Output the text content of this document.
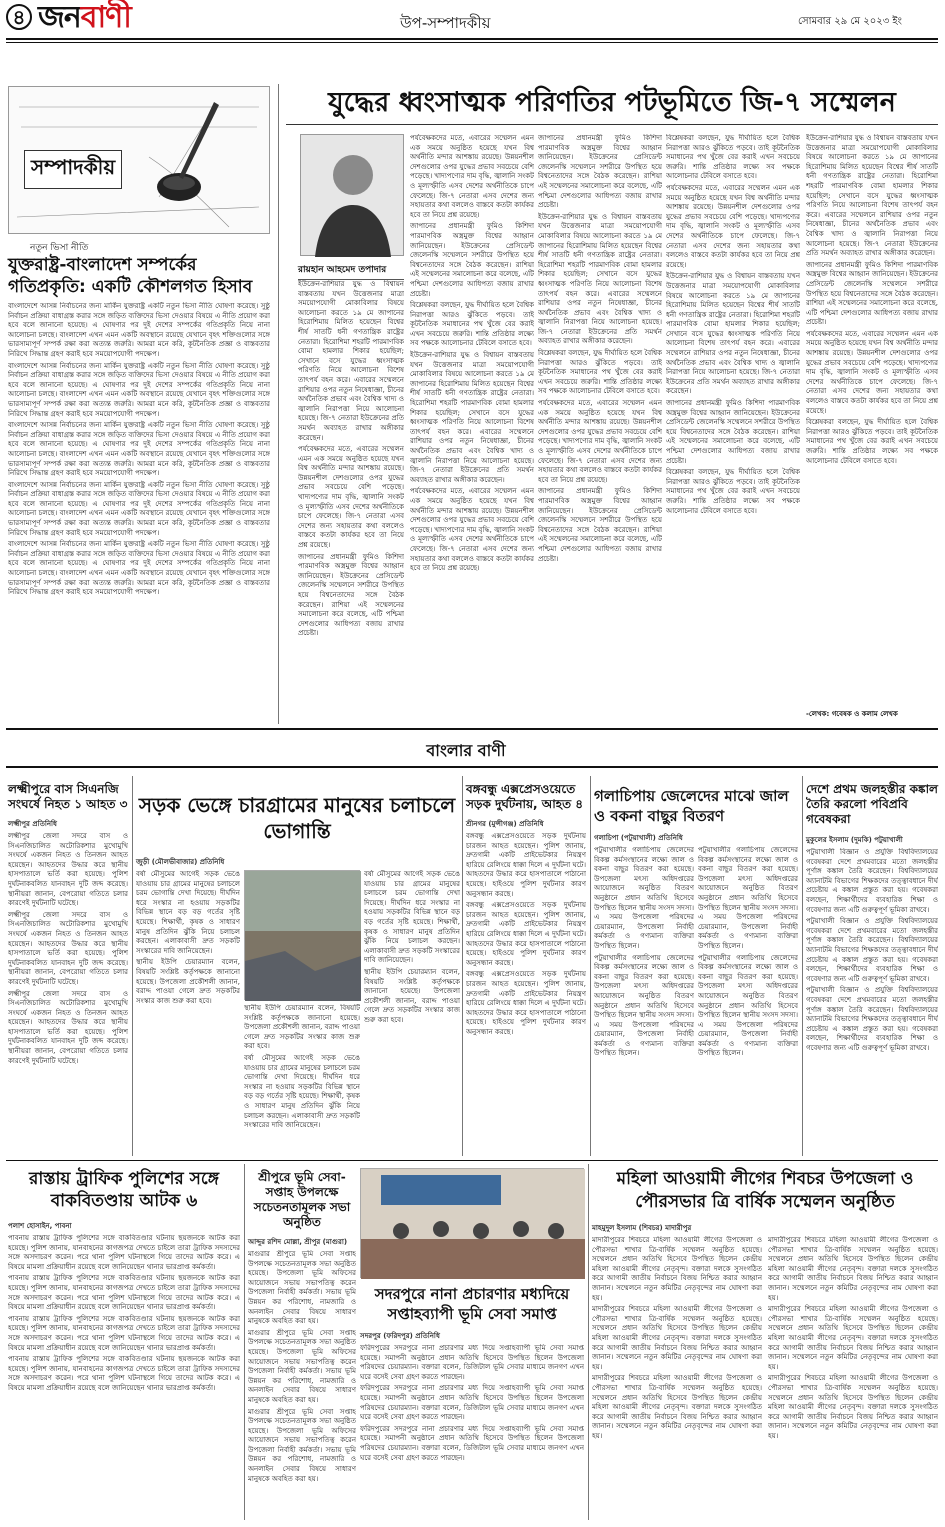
৪ জনবাণী	উপ-সম্পাদকীয়	সোমবার ২৯ মে ২০২৩ ইং
সম্পাদকীয়
নতুন ভিসা নীতি
যুক্তরাষ্ট্র-বাংলাদেশ সম্পর্কের গতিপ্রকৃতি: একটি কৌশলগত হিসাব

বাংলাদেশে আসন্ন নির্বাচনের জন্য মার্কিন যুক্তরাষ্ট্র একটি নতুন ভিসা নীতি ঘোষণা করেছে। সুষ্ঠু নির্বাচন প্রক্রিয়া বাধাগ্রস্ত করার সঙ্গে জড়িত ব্যক্তিদের ভিসা দেওয়ার বিষয়ে এ নীতি প্রয়োগ করা হবে বলে জানানো হয়েছে। এ ঘোষণার পর দুই দেশের সম্পর্কের গতিপ্রকৃতি নিয়ে নানা আলোচনা চলছে। বাংলাদেশ এখন এমন একটি অবস্থানে রয়েছে যেখানে বৃহৎ শক্তিগুলোর সঙ্গে ভারসাম্যপূর্ণ সম্পর্ক রক্ষা করা অত্যন্ত জরুরি। আমরা মনে করি, কূটনৈতিক প্রজ্ঞা ও বাস্তবতার নিরিখে সিদ্ধান্ত গ্রহণ করাই হবে সময়োপযোগী পদক্ষেপ।

বাংলাদেশে আসন্ন নির্বাচনের জন্য মার্কিন যুক্তরাষ্ট্র একটি নতুন ভিসা নীতি ঘোষণা করেছে। সুষ্ঠু নির্বাচন প্রক্রিয়া বাধাগ্রস্ত করার সঙ্গে জড়িত ব্যক্তিদের ভিসা দেওয়ার বিষয়ে এ নীতি প্রয়োগ করা হবে বলে জানানো হয়েছে। এ ঘোষণার পর দুই দেশের সম্পর্কের গতিপ্রকৃতি নিয়ে নানা আলোচনা চলছে। বাংলাদেশ এখন এমন একটি অবস্থানে রয়েছে যেখানে বৃহৎ শক্তিগুলোর সঙ্গে ভারসাম্যপূর্ণ সম্পর্ক রক্ষা করা অত্যন্ত জরুরি। আমরা মনে করি, কূটনৈতিক প্রজ্ঞা ও বাস্তবতার নিরিখে সিদ্ধান্ত গ্রহণ করাই হবে সময়োপযোগী পদক্ষেপ।

বাংলাদেশে আসন্ন নির্বাচনের জন্য মার্কিন যুক্তরাষ্ট্র একটি নতুন ভিসা নীতি ঘোষণা করেছে। সুষ্ঠু নির্বাচন প্রক্রিয়া বাধাগ্রস্ত করার সঙ্গে জড়িত ব্যক্তিদের ভিসা দেওয়ার বিষয়ে এ নীতি প্রয়োগ করা হবে বলে জানানো হয়েছে। এ ঘোষণার পর দুই দেশের সম্পর্কের গতিপ্রকৃতি নিয়ে নানা আলোচনা চলছে। বাংলাদেশ এখন এমন একটি অবস্থানে রয়েছে যেখানে বৃহৎ শক্তিগুলোর সঙ্গে ভারসাম্যপূর্ণ সম্পর্ক রক্ষা করা অত্যন্ত জরুরি। আমরা মনে করি, কূটনৈতিক প্রজ্ঞা ও বাস্তবতার নিরিখে সিদ্ধান্ত গ্রহণ করাই হবে সময়োপযোগী পদক্ষেপ।

বাংলাদেশে আসন্ন নির্বাচনের জন্য মার্কিন যুক্তরাষ্ট্র একটি নতুন ভিসা নীতি ঘোষণা করেছে। সুষ্ঠু নির্বাচন প্রক্রিয়া বাধাগ্রস্ত করার সঙ্গে জড়িত ব্যক্তিদের ভিসা দেওয়ার বিষয়ে এ নীতি প্রয়োগ করা হবে বলে জানানো হয়েছে। এ ঘোষণার পর দুই দেশের সম্পর্কের গতিপ্রকৃতি নিয়ে নানা আলোচনা চলছে। বাংলাদেশ এখন এমন একটি অবস্থানে রয়েছে যেখানে বৃহৎ শক্তিগুলোর সঙ্গে ভারসাম্যপূর্ণ সম্পর্ক রক্ষা করা অত্যন্ত জরুরি। আমরা মনে করি, কূটনৈতিক প্রজ্ঞা ও বাস্তবতার নিরিখে সিদ্ধান্ত গ্রহণ করাই হবে সময়োপযোগী পদক্ষেপ।

বাংলাদেশে আসন্ন নির্বাচনের জন্য মার্কিন যুক্তরাষ্ট্র একটি নতুন ভিসা নীতি ঘোষণা করেছে। সুষ্ঠু নির্বাচন প্রক্রিয়া বাধাগ্রস্ত করার সঙ্গে জড়িত ব্যক্তিদের ভিসা দেওয়ার বিষয়ে এ নীতি প্রয়োগ করা হবে বলে জানানো হয়েছে। এ ঘোষণার পর দুই দেশের সম্পর্কের গতিপ্রকৃতি নিয়ে নানা আলোচনা চলছে। বাংলাদেশ এখন এমন একটি অবস্থানে রয়েছে যেখানে বৃহৎ শক্তিগুলোর সঙ্গে ভারসাম্যপূর্ণ সম্পর্ক রক্ষা করা অত্যন্ত জরুরি। আমরা মনে করি, কূটনৈতিক প্রজ্ঞা ও বাস্তবতার নিরিখে সিদ্ধান্ত গ্রহণ করাই হবে সময়োপযোগী পদক্ষেপ।

যুদ্ধের ধ্বংসাত্মক পরিণতির পটভূমিতে জি-৭ সম্মেলন
রায়হান আহমেদ তপাদার

ইউক্রেন-রাশিয়ার যুদ্ধ ও বিশ্বায়ন বাস্তবতায় যখন উত্তেজনার মাত্রা সময়োপযোগী মোকাবিলার বিষয়ে আলোচনা করতে ১৯ মে জাপানের হিরোশিমায় মিলিত হয়েছেন বিশ্বের শীর্ষ সাতটি ধনী গণতান্ত্রিক রাষ্ট্রের নেতারা। হিরোশিমা শহরটি পারমাণবিক বোমা হামলার শিকার হয়েছিল; সেখানে বসে যুদ্ধের ধ্বংসাত্মক পরিণতি নিয়ে আলোচনা বিশেষ তাৎপর্য বহন করে। এবারের সম্মেলনে রাশিয়ার ওপর নতুন নিষেধাজ্ঞা, চীনের অর্থনৈতিক প্রভাব এবং বৈশ্বিক খাদ্য ও জ্বালানি নিরাপত্তা নিয়ে আলোচনা হয়েছে। জি-৭ নেতারা ইউক্রেনের প্রতি সমর্থন অব্যাহত রাখার অঙ্গীকার করেছেন।

পর্যবেক্ষকদের মতে, এবারের সম্মেলন এমন এক সময়ে অনুষ্ঠিত হয়েছে যখন বিশ্ব অর্থনীতি মন্দার আশঙ্কায় রয়েছে। উন্নয়নশীল দেশগুলোর ওপর যুদ্ধের প্রভাব সবচেয়ে বেশি পড়েছে। খাদ্যপণ্যের দাম বৃদ্ধি, জ্বালানি সংকট ও মূল্যস্ফীতি এসব দেশের অর্থনীতিকে চাপে ফেলেছে। জি-৭ নেতারা এসব দেশের জন্য সহায়তার কথা বললেও বাস্তবে কতটা কার্যকর হবে তা নিয়ে প্রশ্ন রয়েছে।

জাপানের প্রধানমন্ত্রী ফুমিও কিশিদা পারমাণবিক অস্ত্রমুক্ত বিশ্বের আহ্বান জানিয়েছেন। ইউক্রেনের প্রেসিডেন্ট জেলেনস্কি সম্মেলনে সশরীরে উপস্থিত হয়ে বিশ্বনেতাদের সঙ্গে বৈঠক করেছেন। রাশিয়া এই সম্মেলনের সমালোচনা করে বলেছে, এটি পশ্চিমা দেশগুলোর আধিপত্য বজায় রাখার প্রচেষ্টা।

পর্যবেক্ষকদের মতে, এবারের সম্মেলন এমন এক সময়ে অনুষ্ঠিত হয়েছে যখন বিশ্ব অর্থনীতি মন্দার আশঙ্কায় রয়েছে। উন্নয়নশীল দেশগুলোর ওপর যুদ্ধের প্রভাব সবচেয়ে বেশি পড়েছে। খাদ্যপণ্যের দাম বৃদ্ধি, জ্বালানি সংকট ও মূল্যস্ফীতি এসব দেশের অর্থনীতিকে চাপে ফেলেছে। জি-৭ নেতারা এসব দেশের জন্য সহায়তার কথা বললেও বাস্তবে কতটা কার্যকর হবে তা নিয়ে প্রশ্ন রয়েছে।

জাপানের প্রধানমন্ত্রী ফুমিও কিশিদা পারমাণবিক অস্ত্রমুক্ত বিশ্বের আহ্বান জানিয়েছেন। ইউক্রেনের প্রেসিডেন্ট জেলেনস্কি সম্মেলনে সশরীরে উপস্থিত হয়ে বিশ্বনেতাদের সঙ্গে বৈঠক করেছেন। রাশিয়া এই সম্মেলনের সমালোচনা করে বলেছে, এটি পশ্চিমা দেশগুলোর আধিপত্য বজায় রাখার প্রচেষ্টা।

বিশ্লেষকরা বলছেন, যুদ্ধ দীর্ঘায়িত হলে বৈশ্বিক নিরাপত্তা আরও ঝুঁকিতে পড়বে। তাই কূটনৈতিক সমাধানের পথ খুঁজে বের করাই এখন সবচেয়ে জরুরি। শান্তি প্রতিষ্ঠার লক্ষ্যে সব পক্ষকে আলোচনার টেবিলে বসাতে হবে।

ইউক্রেন-রাশিয়ার যুদ্ধ ও বিশ্বায়ন বাস্তবতায় যখন উত্তেজনার মাত্রা সময়োপযোগী মোকাবিলার বিষয়ে আলোচনা করতে ১৯ মে জাপানের হিরোশিমায় মিলিত হয়েছেন বিশ্বের শীর্ষ সাতটি ধনী গণতান্ত্রিক রাষ্ট্রের নেতারা। হিরোশিমা শহরটি পারমাণবিক বোমা হামলার শিকার হয়েছিল; সেখানে বসে যুদ্ধের ধ্বংসাত্মক পরিণতি নিয়ে আলোচনা বিশেষ তাৎপর্য বহন করে। এবারের সম্মেলনে রাশিয়ার ওপর নতুন নিষেধাজ্ঞা, চীনের অর্থনৈতিক প্রভাব এবং বৈশ্বিক খাদ্য ও জ্বালানি নিরাপত্তা নিয়ে আলোচনা হয়েছে। জি-৭ নেতারা ইউক্রেনের প্রতি সমর্থন অব্যাহত রাখার অঙ্গীকার করেছেন।

পর্যবেক্ষকদের মতে, এবারের সম্মেলন এমন এক সময়ে অনুষ্ঠিত হয়েছে যখন বিশ্ব অর্থনীতি মন্দার আশঙ্কায় রয়েছে। উন্নয়নশীল দেশগুলোর ওপর যুদ্ধের প্রভাব সবচেয়ে বেশি পড়েছে। খাদ্যপণ্যের দাম বৃদ্ধি, জ্বালানি সংকট ও মূল্যস্ফীতি এসব দেশের অর্থনীতিকে চাপে ফেলেছে। জি-৭ নেতারা এসব দেশের জন্য সহায়তার কথা বললেও বাস্তবে কতটা কার্যকর হবে তা নিয়ে প্রশ্ন রয়েছে।

জাপানের প্রধানমন্ত্রী ফুমিও কিশিদা পারমাণবিক অস্ত্রমুক্ত বিশ্বের আহ্বান জানিয়েছেন। ইউক্রেনের প্রেসিডেন্ট জেলেনস্কি সম্মেলনে সশরীরে উপস্থিত হয়ে বিশ্বনেতাদের সঙ্গে বৈঠক করেছেন। রাশিয়া এই সম্মেলনের সমালোচনা করে বলেছে, এটি পশ্চিমা দেশগুলোর আধিপত্য বজায় রাখার প্রচেষ্টা।

ইউক্রেন-রাশিয়ার যুদ্ধ ও বিশ্বায়ন বাস্তবতায় যখন উত্তেজনার মাত্রা সময়োপযোগী মোকাবিলার বিষয়ে আলোচনা করতে ১৯ মে জাপানের হিরোশিমায় মিলিত হয়েছেন বিশ্বের শীর্ষ সাতটি ধনী গণতান্ত্রিক রাষ্ট্রের নেতারা। হিরোশিমা শহরটি পারমাণবিক বোমা হামলার শিকার হয়েছিল; সেখানে বসে যুদ্ধের ধ্বংসাত্মক পরিণতি নিয়ে আলোচনা বিশেষ তাৎপর্য বহন করে। এবারের সম্মেলনে রাশিয়ার ওপর নতুন নিষেধাজ্ঞা, চীনের অর্থনৈতিক প্রভাব এবং বৈশ্বিক খাদ্য ও জ্বালানি নিরাপত্তা নিয়ে আলোচনা হয়েছে। জি-৭ নেতারা ইউক্রেনের প্রতি সমর্থন অব্যাহত রাখার অঙ্গীকার করেছেন।

বিশ্লেষকরা বলছেন, যুদ্ধ দীর্ঘায়িত হলে বৈশ্বিক নিরাপত্তা আরও ঝুঁকিতে পড়বে। তাই কূটনৈতিক সমাধানের পথ খুঁজে বের করাই এখন সবচেয়ে জরুরি। শান্তি প্রতিষ্ঠার লক্ষ্যে সব পক্ষকে আলোচনার টেবিলে বসাতে হবে।

পর্যবেক্ষকদের মতে, এবারের সম্মেলন এমন এক সময়ে অনুষ্ঠিত হয়েছে যখন বিশ্ব অর্থনীতি মন্দার আশঙ্কায় রয়েছে। উন্নয়নশীল দেশগুলোর ওপর যুদ্ধের প্রভাব সবচেয়ে বেশি পড়েছে। খাদ্যপণ্যের দাম বৃদ্ধি, জ্বালানি সংকট ও মূল্যস্ফীতি এসব দেশের অর্থনীতিকে চাপে ফেলেছে। জি-৭ নেতারা এসব দেশের জন্য সহায়তার কথা বললেও বাস্তবে কতটা কার্যকর হবে তা নিয়ে প্রশ্ন রয়েছে।

জাপানের প্রধানমন্ত্রী ফুমিও কিশিদা পারমাণবিক অস্ত্রমুক্ত বিশ্বের আহ্বান জানিয়েছেন। ইউক্রেনের প্রেসিডেন্ট জেলেনস্কি সম্মেলনে সশরীরে উপস্থিত হয়ে বিশ্বনেতাদের সঙ্গে বৈঠক করেছেন। রাশিয়া এই সম্মেলনের সমালোচনা করে বলেছে, এটি পশ্চিমা দেশগুলোর আধিপত্য বজায় রাখার প্রচেষ্টা।

বিশ্লেষকরা বলছেন, যুদ্ধ দীর্ঘায়িত হলে বৈশ্বিক নিরাপত্তা আরও ঝুঁকিতে পড়বে। তাই কূটনৈতিক সমাধানের পথ খুঁজে বের করাই এখন সবচেয়ে জরুরি। শান্তি প্রতিষ্ঠার লক্ষ্যে সব পক্ষকে আলোচনার টেবিলে বসাতে হবে।

পর্যবেক্ষকদের মতে, এবারের সম্মেলন এমন এক সময়ে অনুষ্ঠিত হয়েছে যখন বিশ্ব অর্থনীতি মন্দার আশঙ্কায় রয়েছে। উন্নয়নশীল দেশগুলোর ওপর যুদ্ধের প্রভাব সবচেয়ে বেশি পড়েছে। খাদ্যপণ্যের দাম বৃদ্ধি, জ্বালানি সংকট ও মূল্যস্ফীতি এসব দেশের অর্থনীতিকে চাপে ফেলেছে। জি-৭ নেতারা এসব দেশের জন্য সহায়তার কথা বললেও বাস্তবে কতটা কার্যকর হবে তা নিয়ে প্রশ্ন রয়েছে।

ইউক্রেন-রাশিয়ার যুদ্ধ ও বিশ্বায়ন বাস্তবতায় যখন উত্তেজনার মাত্রা সময়োপযোগী মোকাবিলার বিষয়ে আলোচনা করতে ১৯ মে জাপানের হিরোশিমায় মিলিত হয়েছেন বিশ্বের শীর্ষ সাতটি ধনী গণতান্ত্রিক রাষ্ট্রের নেতারা। হিরোশিমা শহরটি পারমাণবিক বোমা হামলার শিকার হয়েছিল; সেখানে বসে যুদ্ধের ধ্বংসাত্মক পরিণতি নিয়ে আলোচনা বিশেষ তাৎপর্য বহন করে। এবারের সম্মেলনে রাশিয়ার ওপর নতুন নিষেধাজ্ঞা, চীনের অর্থনৈতিক প্রভাব এবং বৈশ্বিক খাদ্য ও জ্বালানি নিরাপত্তা নিয়ে আলোচনা হয়েছে। জি-৭ নেতারা ইউক্রেনের প্রতি সমর্থন অব্যাহত রাখার অঙ্গীকার করেছেন।

জাপানের প্রধানমন্ত্রী ফুমিও কিশিদা পারমাণবিক অস্ত্রমুক্ত বিশ্বের আহ্বান জানিয়েছেন। ইউক্রেনের প্রেসিডেন্ট জেলেনস্কি সম্মেলনে সশরীরে উপস্থিত হয়ে বিশ্বনেতাদের সঙ্গে বৈঠক করেছেন। রাশিয়া এই সম্মেলনের সমালোচনা করে বলেছে, এটি পশ্চিমা দেশগুলোর আধিপত্য বজায় রাখার প্রচেষ্টা।

বিশ্লেষকরা বলছেন, যুদ্ধ দীর্ঘায়িত হলে বৈশ্বিক নিরাপত্তা আরও ঝুঁকিতে পড়বে। তাই কূটনৈতিক সমাধানের পথ খুঁজে বের করাই এখন সবচেয়ে জরুরি। শান্তি প্রতিষ্ঠার লক্ষ্যে সব পক্ষকে আলোচনার টেবিলে বসাতে হবে।

ইউক্রেন-রাশিয়ার যুদ্ধ ও বিশ্বায়ন বাস্তবতায় যখন উত্তেজনার মাত্রা সময়োপযোগী মোকাবিলার বিষয়ে আলোচনা করতে ১৯ মে জাপানের হিরোশিমায় মিলিত হয়েছেন বিশ্বের শীর্ষ সাতটি ধনী গণতান্ত্রিক রাষ্ট্রের নেতারা। হিরোশিমা শহরটি পারমাণবিক বোমা হামলার শিকার হয়েছিল; সেখানে বসে যুদ্ধের ধ্বংসাত্মক পরিণতি নিয়ে আলোচনা বিশেষ তাৎপর্য বহন করে। এবারের সম্মেলনে রাশিয়ার ওপর নতুন নিষেধাজ্ঞা, চীনের অর্থনৈতিক প্রভাব এবং বৈশ্বিক খাদ্য ও জ্বালানি নিরাপত্তা নিয়ে আলোচনা হয়েছে। জি-৭ নেতারা ইউক্রেনের প্রতি সমর্থন অব্যাহত রাখার অঙ্গীকার করেছেন।

জাপানের প্রধানমন্ত্রী ফুমিও কিশিদা পারমাণবিক অস্ত্রমুক্ত বিশ্বের আহ্বান জানিয়েছেন। ইউক্রেনের প্রেসিডেন্ট জেলেনস্কি সম্মেলনে সশরীরে উপস্থিত হয়ে বিশ্বনেতাদের সঙ্গে বৈঠক করেছেন। রাশিয়া এই সম্মেলনের সমালোচনা করে বলেছে, এটি পশ্চিমা দেশগুলোর আধিপত্য বজায় রাখার প্রচেষ্টা।

পর্যবেক্ষকদের মতে, এবারের সম্মেলন এমন এক সময়ে অনুষ্ঠিত হয়েছে যখন বিশ্ব অর্থনীতি মন্দার আশঙ্কায় রয়েছে। উন্নয়নশীল দেশগুলোর ওপর যুদ্ধের প্রভাব সবচেয়ে বেশি পড়েছে। খাদ্যপণ্যের দাম বৃদ্ধি, জ্বালানি সংকট ও মূল্যস্ফীতি এসব দেশের অর্থনীতিকে চাপে ফেলেছে। জি-৭ নেতারা এসব দেশের জন্য সহায়তার কথা বললেও বাস্তবে কতটা কার্যকর হবে তা নিয়ে প্রশ্ন রয়েছে।

বিশ্লেষকরা বলছেন, যুদ্ধ দীর্ঘায়িত হলে বৈশ্বিক নিরাপত্তা আরও ঝুঁকিতে পড়বে। তাই কূটনৈতিক সমাধানের পথ খুঁজে বের করাই এখন সবচেয়ে জরুরি। শান্তি প্রতিষ্ঠার লক্ষ্যে সব পক্ষকে আলোচনার টেবিলে বসাতে হবে।

-লেখক: গবেষক ও কলাম লেখক
বাংলার বাণী
লক্ষ্মীপুরে বাস সিএনজি সংঘর্ষে নিহত ১ আহত ৩
লক্ষ্মীপুর প্রতিনিধি

লক্ষ্মীপুর জেলা সদরে বাস ও সিএনজিচালিত অটোরিকশার মুখোমুখি সংঘর্ষে একজন নিহত ও তিনজন আহত হয়েছেন। আহতদের উদ্ধার করে স্থানীয় হাসপাতালে ভর্তি করা হয়েছে। পুলিশ দুর্ঘটনাকবলিত যানবাহন দুটি জব্দ করেছে। স্থানীয়রা জানান, বেপরোয়া গতিতে চলার কারণেই দুর্ঘটনাটি ঘটেছে।

লক্ষ্মীপুর জেলা সদরে বাস ও সিএনজিচালিত অটোরিকশার মুখোমুখি সংঘর্ষে একজন নিহত ও তিনজন আহত হয়েছেন। আহতদের উদ্ধার করে স্থানীয় হাসপাতালে ভর্তি করা হয়েছে। পুলিশ দুর্ঘটনাকবলিত যানবাহন দুটি জব্দ করেছে। স্থানীয়রা জানান, বেপরোয়া গতিতে চলার কারণেই দুর্ঘটনাটি ঘটেছে।

লক্ষ্মীপুর জেলা সদরে বাস ও সিএনজিচালিত অটোরিকশার মুখোমুখি সংঘর্ষে একজন নিহত ও তিনজন আহত হয়েছেন। আহতদের উদ্ধার করে স্থানীয় হাসপাতালে ভর্তি করা হয়েছে। পুলিশ দুর্ঘটনাকবলিত যানবাহন দুটি জব্দ করেছে। স্থানীয়রা জানান, বেপরোয়া গতিতে চলার কারণেই দুর্ঘটনাটি ঘটেছে।

সড়ক ভেঙ্গে চারগ্রামের মানুষের চলাচলে ভোগান্তি
জুড়ী (মৌলভীবাজার) প্রতিনিধি

বর্ষা মৌসুমের আগেই সড়ক ভেঙে যাওয়ায় চার গ্রামের মানুষের চলাচলে চরম ভোগান্তি দেখা দিয়েছে। দীর্ঘদিন ধরে সংস্কার না হওয়ায় সড়কটির বিভিন্ন স্থানে বড় বড় গর্তের সৃষ্টি হয়েছে। শিক্ষার্থী, কৃষক ও সাধারণ মানুষ প্রতিদিন ঝুঁকি নিয়ে চলাচল করছেন। এলাকাবাসী দ্রুত সড়কটি সংস্কারের দাবি জানিয়েছেন।

স্থানীয় ইউপি চেয়ারম্যান বলেন, বিষয়টি সংশ্লিষ্ট কর্তৃপক্ষকে জানানো হয়েছে। উপজেলা প্রকৌশলী জানান, বরাদ্দ পাওয়া গেলে দ্রুত সড়কটির সংস্কার কাজ শুরু করা হবে।

স্থানীয় ইউপি চেয়ারম্যান বলেন, বিষয়টি সংশ্লিষ্ট কর্তৃপক্ষকে জানানো হয়েছে। উপজেলা প্রকৌশলী জানান, বরাদ্দ পাওয়া গেলে দ্রুত সড়কটির সংস্কার কাজ শুরু করা হবে।

বর্ষা মৌসুমের আগেই সড়ক ভেঙে যাওয়ায় চার গ্রামের মানুষের চলাচলে চরম ভোগান্তি দেখা দিয়েছে। দীর্ঘদিন ধরে সংস্কার না হওয়ায় সড়কটির বিভিন্ন স্থানে বড় বড় গর্তের সৃষ্টি হয়েছে। শিক্ষার্থী, কৃষক ও সাধারণ মানুষ প্রতিদিন ঝুঁকি নিয়ে চলাচল করছেন। এলাকাবাসী দ্রুত সড়কটি সংস্কারের দাবি জানিয়েছেন।

বর্ষা মৌসুমের আগেই সড়ক ভেঙে যাওয়ায় চার গ্রামের মানুষের চলাচলে চরম ভোগান্তি দেখা দিয়েছে। দীর্ঘদিন ধরে সংস্কার না হওয়ায় সড়কটির বিভিন্ন স্থানে বড় বড় গর্তের সৃষ্টি হয়েছে। শিক্ষার্থী, কৃষক ও সাধারণ মানুষ প্রতিদিন ঝুঁকি নিয়ে চলাচল করছেন। এলাকাবাসী দ্রুত সড়কটি সংস্কারের দাবি জানিয়েছেন।

স্থানীয় ইউপি চেয়ারম্যান বলেন, বিষয়টি সংশ্লিষ্ট কর্তৃপক্ষকে জানানো হয়েছে। উপজেলা প্রকৌশলী জানান, বরাদ্দ পাওয়া গেলে দ্রুত সড়কটির সংস্কার কাজ শুরু করা হবে।

বঙ্গবন্ধু এক্সপ্রেসওয়েতে সড়ক দুর্ঘটনায়, আহত ৪
শ্রীনগর (মুন্সীগঞ্জ) প্রতিনিধি

বঙ্গবন্ধু এক্সপ্রেসওয়েতে সড়ক দুর্ঘটনায় চারজন আহত হয়েছেন। পুলিশ জানায়, দ্রুতগামী একটি প্রাইভেটকার নিয়ন্ত্রণ হারিয়ে রেলিংয়ে ধাক্কা দিলে এ দুর্ঘটনা ঘটে। আহতদের উদ্ধার করে হাসপাতালে পাঠানো হয়েছে। হাইওয়ে পুলিশ দুর্ঘটনার কারণ অনুসন্ধান করছে।

বঙ্গবন্ধু এক্সপ্রেসওয়েতে সড়ক দুর্ঘটনায় চারজন আহত হয়েছেন। পুলিশ জানায়, দ্রুতগামী একটি প্রাইভেটকার নিয়ন্ত্রণ হারিয়ে রেলিংয়ে ধাক্কা দিলে এ দুর্ঘটনা ঘটে। আহতদের উদ্ধার করে হাসপাতালে পাঠানো হয়েছে। হাইওয়ে পুলিশ দুর্ঘটনার কারণ অনুসন্ধান করছে।

বঙ্গবন্ধু এক্সপ্রেসওয়েতে সড়ক দুর্ঘটনায় চারজন আহত হয়েছেন। পুলিশ জানায়, দ্রুতগামী একটি প্রাইভেটকার নিয়ন্ত্রণ হারিয়ে রেলিংয়ে ধাক্কা দিলে এ দুর্ঘটনা ঘটে। আহতদের উদ্ধার করে হাসপাতালে পাঠানো হয়েছে। হাইওয়ে পুলিশ দুর্ঘটনার কারণ অনুসন্ধান করছে।

গলাচিপায় জেলেদের মাঝে জাল ও বকনা বাছুর বিতরণ
গলাচিপা (পটুয়াখালী) প্রতিনিধি

পটুয়াখালীর গলাচিপায় জেলেদের বিকল্প কর্মসংস্থানের লক্ষ্যে জাল ও বকনা বাছুর বিতরণ করা হয়েছে। উপজেলা মৎস্য অধিদপ্তরের আয়োজনে অনুষ্ঠিত বিতরণ অনুষ্ঠানে প্রধান অতিথি হিসেবে উপস্থিত ছিলেন স্থানীয় সংসদ সদস্য। এ সময় উপজেলা পরিষদের চেয়ারম্যান, উপজেলা নির্বাহী কর্মকর্তা ও গণ্যমান্য ব্যক্তিরা উপস্থিত ছিলেন।

পটুয়াখালীর গলাচিপায় জেলেদের বিকল্প কর্মসংস্থানের লক্ষ্যে জাল ও বকনা বাছুর বিতরণ করা হয়েছে। উপজেলা মৎস্য অধিদপ্তরের আয়োজনে অনুষ্ঠিত বিতরণ অনুষ্ঠানে প্রধান অতিথি হিসেবে উপস্থিত ছিলেন স্থানীয় সংসদ সদস্য। এ সময় উপজেলা পরিষদের চেয়ারম্যান, উপজেলা নির্বাহী কর্মকর্তা ও গণ্যমান্য ব্যক্তিরা উপস্থিত ছিলেন।

পটুয়াখালীর গলাচিপায় জেলেদের বিকল্প কর্মসংস্থানের লক্ষ্যে জাল ও বকনা বাছুর বিতরণ করা হয়েছে। উপজেলা মৎস্য অধিদপ্তরের আয়োজনে অনুষ্ঠিত বিতরণ অনুষ্ঠানে প্রধান অতিথি হিসেবে উপস্থিত ছিলেন স্থানীয় সংসদ সদস্য। এ সময় উপজেলা পরিষদের চেয়ারম্যান, উপজেলা নির্বাহী কর্মকর্তা ও গণ্যমান্য ব্যক্তিরা উপস্থিত ছিলেন।

পটুয়াখালীর গলাচিপায় জেলেদের বিকল্প কর্মসংস্থানের লক্ষ্যে জাল ও বকনা বাছুর বিতরণ করা হয়েছে। উপজেলা মৎস্য অধিদপ্তরের আয়োজনে অনুষ্ঠিত বিতরণ অনুষ্ঠানে প্রধান অতিথি হিসেবে উপস্থিত ছিলেন স্থানীয় সংসদ সদস্য। এ সময় উপজেলা পরিষদের চেয়ারম্যান, উপজেলা নির্বাহী কর্মকর্তা ও গণ্যমান্য ব্যক্তিরা উপস্থিত ছিলেন।

দেশে প্রথম জলহস্তীর কঙ্কাল তৈরি করলো পবিপ্রবি গবেষকরা
মুকুলের ইসলাম (দুমকি) পটুয়াখালী

পটুয়াখালী বিজ্ঞান ও প্রযুক্তি বিশ্ববিদ্যালয়ের গবেষকরা দেশে প্রথমবারের মতো জলহস্তীর পূর্ণাঙ্গ কঙ্কাল তৈরি করেছেন। বিশ্ববিদ্যালয়ের অ্যানাটমি বিভাগের শিক্ষকদের তত্ত্বাবধানে দীর্ঘ প্রচেষ্টায় এ কঙ্কাল প্রস্তুত করা হয়। গবেষকরা বলছেন, শিক্ষার্থীদের ব্যবহারিক শিক্ষা ও গবেষণার জন্য এটি গুরুত্বপূর্ণ ভূমিকা রাখবে।

পটুয়াখালী বিজ্ঞান ও প্রযুক্তি বিশ্ববিদ্যালয়ের গবেষকরা দেশে প্রথমবারের মতো জলহস্তীর পূর্ণাঙ্গ কঙ্কাল তৈরি করেছেন। বিশ্ববিদ্যালয়ের অ্যানাটমি বিভাগের শিক্ষকদের তত্ত্বাবধানে দীর্ঘ প্রচেষ্টায় এ কঙ্কাল প্রস্তুত করা হয়। গবেষকরা বলছেন, শিক্ষার্থীদের ব্যবহারিক শিক্ষা ও গবেষণার জন্য এটি গুরুত্বপূর্ণ ভূমিকা রাখবে।

পটুয়াখালী বিজ্ঞান ও প্রযুক্তি বিশ্ববিদ্যালয়ের গবেষকরা দেশে প্রথমবারের মতো জলহস্তীর পূর্ণাঙ্গ কঙ্কাল তৈরি করেছেন। বিশ্ববিদ্যালয়ের অ্যানাটমি বিভাগের শিক্ষকদের তত্ত্বাবধানে দীর্ঘ প্রচেষ্টায় এ কঙ্কাল প্রস্তুত করা হয়। গবেষকরা বলছেন, শিক্ষার্থীদের ব্যবহারিক শিক্ষা ও গবেষণার জন্য এটি গুরুত্বপূর্ণ ভূমিকা রাখবে।

রাস্তায় ট্রাফিক পুলিশের সঙ্গে বাকবিতণ্ডায় আটক ৬
পলাশ হোসাইন, পাবনা

পাবনায় রাস্তায় ট্রাফিক পুলিশের সঙ্গে বাকবিতণ্ডার ঘটনায় ছয়জনকে আটক করা হয়েছে। পুলিশ জানায়, যানবাহনের কাগজপত্র দেখতে চাইলে তারা ট্রাফিক সদস্যদের সঙ্গে অসদাচরণ করেন। পরে থানা পুলিশ ঘটনাস্থলে গিয়ে তাদের আটক করে। এ বিষয়ে মামলা প্রক্রিয়াধীন রয়েছে বলে জানিয়েছেন থানার ভারপ্রাপ্ত কর্মকর্তা।

পাবনায় রাস্তায় ট্রাফিক পুলিশের সঙ্গে বাকবিতণ্ডার ঘটনায় ছয়জনকে আটক করা হয়েছে। পুলিশ জানায়, যানবাহনের কাগজপত্র দেখতে চাইলে তারা ট্রাফিক সদস্যদের সঙ্গে অসদাচরণ করেন। পরে থানা পুলিশ ঘটনাস্থলে গিয়ে তাদের আটক করে। এ বিষয়ে মামলা প্রক্রিয়াধীন রয়েছে বলে জানিয়েছেন থানার ভারপ্রাপ্ত কর্মকর্তা।

পাবনায় রাস্তায় ট্রাফিক পুলিশের সঙ্গে বাকবিতণ্ডার ঘটনায় ছয়জনকে আটক করা হয়েছে। পুলিশ জানায়, যানবাহনের কাগজপত্র দেখতে চাইলে তারা ট্রাফিক সদস্যদের সঙ্গে অসদাচরণ করেন। পরে থানা পুলিশ ঘটনাস্থলে গিয়ে তাদের আটক করে। এ বিষয়ে মামলা প্রক্রিয়াধীন রয়েছে বলে জানিয়েছেন থানার ভারপ্রাপ্ত কর্মকর্তা।

পাবনায় রাস্তায় ট্রাফিক পুলিশের সঙ্গে বাকবিতণ্ডার ঘটনায় ছয়জনকে আটক করা হয়েছে। পুলিশ জানায়, যানবাহনের কাগজপত্র দেখতে চাইলে তারা ট্রাফিক সদস্যদের সঙ্গে অসদাচরণ করেন। পরে থানা পুলিশ ঘটনাস্থলে গিয়ে তাদের আটক করে। এ বিষয়ে মামলা প্রক্রিয়াধীন রয়েছে বলে জানিয়েছেন থানার ভারপ্রাপ্ত কর্মকর্তা।

শ্রীপুরে ভূমি সেবা-সপ্তাহ উপলক্ষে সচেতনতামূলক সভা অনুষ্ঠিত
আব্দুর রশিদ মোল্লা, শ্রীপুর (মাগুরা)

মাগুরার শ্রীপুরে ভূমি সেবা সপ্তাহ উপলক্ষে সচেতনতামূলক সভা অনুষ্ঠিত হয়েছে। উপজেলা ভূমি অফিসের আয়োজনে সভায় সভাপতিত্ব করেন উপজেলা নির্বাহী কর্মকর্তা। সভায় ভূমি উন্নয়ন কর পরিশোধ, নামজারি ও অনলাইন সেবার বিষয়ে সাধারণ মানুষকে অবহিত করা হয়।

মাগুরার শ্রীপুরে ভূমি সেবা সপ্তাহ উপলক্ষে সচেতনতামূলক সভা অনুষ্ঠিত হয়েছে। উপজেলা ভূমি অফিসের আয়োজনে সভায় সভাপতিত্ব করেন উপজেলা নির্বাহী কর্মকর্তা। সভায় ভূমি উন্নয়ন কর পরিশোধ, নামজারি ও অনলাইন সেবার বিষয়ে সাধারণ মানুষকে অবহিত করা হয়।

মাগুরার শ্রীপুরে ভূমি সেবা সপ্তাহ উপলক্ষে সচেতনতামূলক সভা অনুষ্ঠিত হয়েছে। উপজেলা ভূমি অফিসের আয়োজনে সভায় সভাপতিত্ব করেন উপজেলা নির্বাহী কর্মকর্তা। সভায় ভূমি উন্নয়ন কর পরিশোধ, নামজারি ও অনলাইন সেবার বিষয়ে সাধারণ মানুষকে অবহিত করা হয়।

সদরপুরে নানা প্রচারণার মধ্যদিয়ে সপ্তাহব্যাপী ভূমি সেবা সমাপ্ত
সদরপুর (ফরিদপুর) প্রতিনিধি

ফরিদপুরের সদরপুরে নানা প্রচারণার মধ্য দিয়ে সপ্তাহব্যাপী ভূমি সেবা সমাপ্ত হয়েছে। সমাপনী অনুষ্ঠানে প্রধান অতিথি হিসেবে উপস্থিত ছিলেন উপজেলা পরিষদের চেয়ারম্যান। বক্তারা বলেন, ডিজিটাল ভূমি সেবার মাধ্যমে জনগণ এখন ঘরে বসেই সেবা গ্রহণ করতে পারছেন।

ফরিদপুরের সদরপুরে নানা প্রচারণার মধ্য দিয়ে সপ্তাহব্যাপী ভূমি সেবা সমাপ্ত হয়েছে। সমাপনী অনুষ্ঠানে প্রধান অতিথি হিসেবে উপস্থিত ছিলেন উপজেলা পরিষদের চেয়ারম্যান। বক্তারা বলেন, ডিজিটাল ভূমি সেবার মাধ্যমে জনগণ এখন ঘরে বসেই সেবা গ্রহণ করতে পারছেন।

ফরিদপুরের সদরপুরে নানা প্রচারণার মধ্য দিয়ে সপ্তাহব্যাপী ভূমি সেবা সমাপ্ত হয়েছে। সমাপনী অনুষ্ঠানে প্রধান অতিথি হিসেবে উপস্থিত ছিলেন উপজেলা পরিষদের চেয়ারম্যান। বক্তারা বলেন, ডিজিটাল ভূমি সেবার মাধ্যমে জনগণ এখন ঘরে বসেই সেবা গ্রহণ করতে পারছেন।

মহিলা আওয়ামী লীগের শিবচর উপজেলা ও পৌরসভার ত্রি বার্ষিক সম্মেলন অনুষ্ঠিত
মাহমুদুল ইসলাম (শিবচর) মাদারীপুর

মাদারীপুরের শিবচরে মহিলা আওয়ামী লীগের উপজেলা ও পৌরসভা শাখার ত্রি-বার্ষিক সম্মেলন অনুষ্ঠিত হয়েছে। সম্মেলনে প্রধান অতিথি হিসেবে উপস্থিত ছিলেন কেন্দ্রীয় মহিলা আওয়ামী লীগের নেতৃবৃন্দ। বক্তারা দলকে সুসংগঠিত করে আগামী জাতীয় নির্বাচনে বিজয় নিশ্চিত করার আহ্বান জানান। সম্মেলনে নতুন কমিটির নেতৃবৃন্দের নাম ঘোষণা করা হয়।

মাদারীপুরের শিবচরে মহিলা আওয়ামী লীগের উপজেলা ও পৌরসভা শাখার ত্রি-বার্ষিক সম্মেলন অনুষ্ঠিত হয়েছে। সম্মেলনে প্রধান অতিথি হিসেবে উপস্থিত ছিলেন কেন্দ্রীয় মহিলা আওয়ামী লীগের নেতৃবৃন্দ। বক্তারা দলকে সুসংগঠিত করে আগামী জাতীয় নির্বাচনে বিজয় নিশ্চিত করার আহ্বান জানান। সম্মেলনে নতুন কমিটির নেতৃবৃন্দের নাম ঘোষণা করা হয়।

মাদারীপুরের শিবচরে মহিলা আওয়ামী লীগের উপজেলা ও পৌরসভা শাখার ত্রি-বার্ষিক সম্মেলন অনুষ্ঠিত হয়েছে। সম্মেলনে প্রধান অতিথি হিসেবে উপস্থিত ছিলেন কেন্দ্রীয় মহিলা আওয়ামী লীগের নেতৃবৃন্দ। বক্তারা দলকে সুসংগঠিত করে আগামী জাতীয় নির্বাচনে বিজয় নিশ্চিত করার আহ্বান জানান। সম্মেলনে নতুন কমিটির নেতৃবৃন্দের নাম ঘোষণা করা হয়।

মাদারীপুরের শিবচরে মহিলা আওয়ামী লীগের উপজেলা ও পৌরসভা শাখার ত্রি-বার্ষিক সম্মেলন অনুষ্ঠিত হয়েছে। সম্মেলনে প্রধান অতিথি হিসেবে উপস্থিত ছিলেন কেন্দ্রীয় মহিলা আওয়ামী লীগের নেতৃবৃন্দ। বক্তারা দলকে সুসংগঠিত করে আগামী জাতীয় নির্বাচনে বিজয় নিশ্চিত করার আহ্বান জানান। সম্মেলনে নতুন কমিটির নেতৃবৃন্দের নাম ঘোষণা করা হয়।

মাদারীপুরের শিবচরে মহিলা আওয়ামী লীগের উপজেলা ও পৌরসভা শাখার ত্রি-বার্ষিক সম্মেলন অনুষ্ঠিত হয়েছে। সম্মেলনে প্রধান অতিথি হিসেবে উপস্থিত ছিলেন কেন্দ্রীয় মহিলা আওয়ামী লীগের নেতৃবৃন্দ। বক্তারা দলকে সুসংগঠিত করে আগামী জাতীয় নির্বাচনে বিজয় নিশ্চিত করার আহ্বান জানান। সম্মেলনে নতুন কমিটির নেতৃবৃন্দের নাম ঘোষণা করা হয়।

মাদারীপুরের শিবচরে মহিলা আওয়ামী লীগের উপজেলা ও পৌরসভা শাখার ত্রি-বার্ষিক সম্মেলন অনুষ্ঠিত হয়েছে। সম্মেলনে প্রধান অতিথি হিসেবে উপস্থিত ছিলেন কেন্দ্রীয় মহিলা আওয়ামী লীগের নেতৃবৃন্দ। বক্তারা দলকে সুসংগঠিত করে আগামী জাতীয় নির্বাচনে বিজয় নিশ্চিত করার আহ্বান জানান। সম্মেলনে নতুন কমিটির নেতৃবৃন্দের নাম ঘোষণা করা হয়।
